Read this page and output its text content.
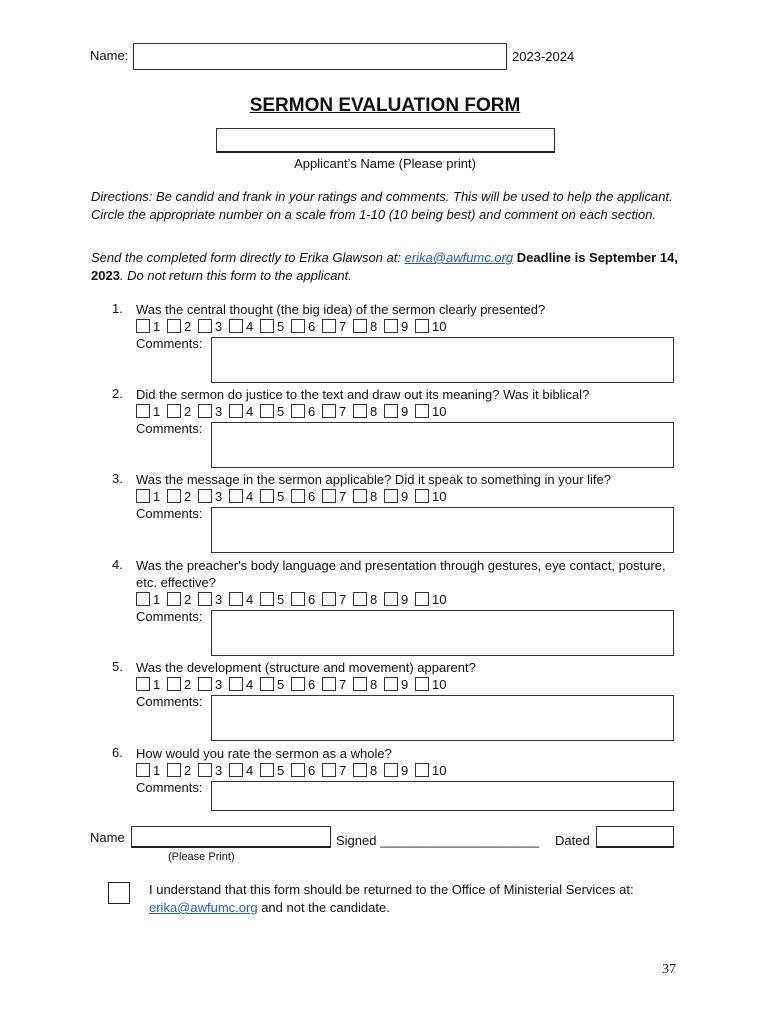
Name:	2023-2024
SERMON EVALUATION FORM
Applicant’s Name (Please print)
Directions: Be candid and frank in your ratings and comments. This will be used to help the applicant. Circle the appropriate number on a scale from 1-10 (10 being best) and comment on each section.
Send the completed form directly to Erika Glawson at: erika@awfumc.org Deadline is September 14, 2023. Do not return this form to the applicant.
1. Was the central thought (the big idea) of the sermon clearly presented?
1 2 3 4 5 6 7 8 9 10
Comments:
2. Did the sermon do justice to the text and draw out its meaning? Was it biblical?
1 2 3 4 5 6 7 8 9 10
Comments:
3. Was the message in the sermon applicable? Did it speak to something in your life?
1 2 3 4 5 6 7 8 9 10
Comments:
4. Was the preacher's body language and presentation through gestures, eye contact, posture, etc. effective?
1 2 3 4 5 6 7 8 9 10
Comments:
5. Was the development (structure and movement) apparent?
1 2 3 4 5 6 7 8 9 10
Comments:
6. How would you rate the sermon as a whole?
1 2 3 4 5 6 7 8 9 10
Comments:
Name	Signed ______________________ Dated
(Please Print)
I understand that this form should be returned to the Office of Ministerial Services at:
erika@awfumc.org and not the candidate.
37
